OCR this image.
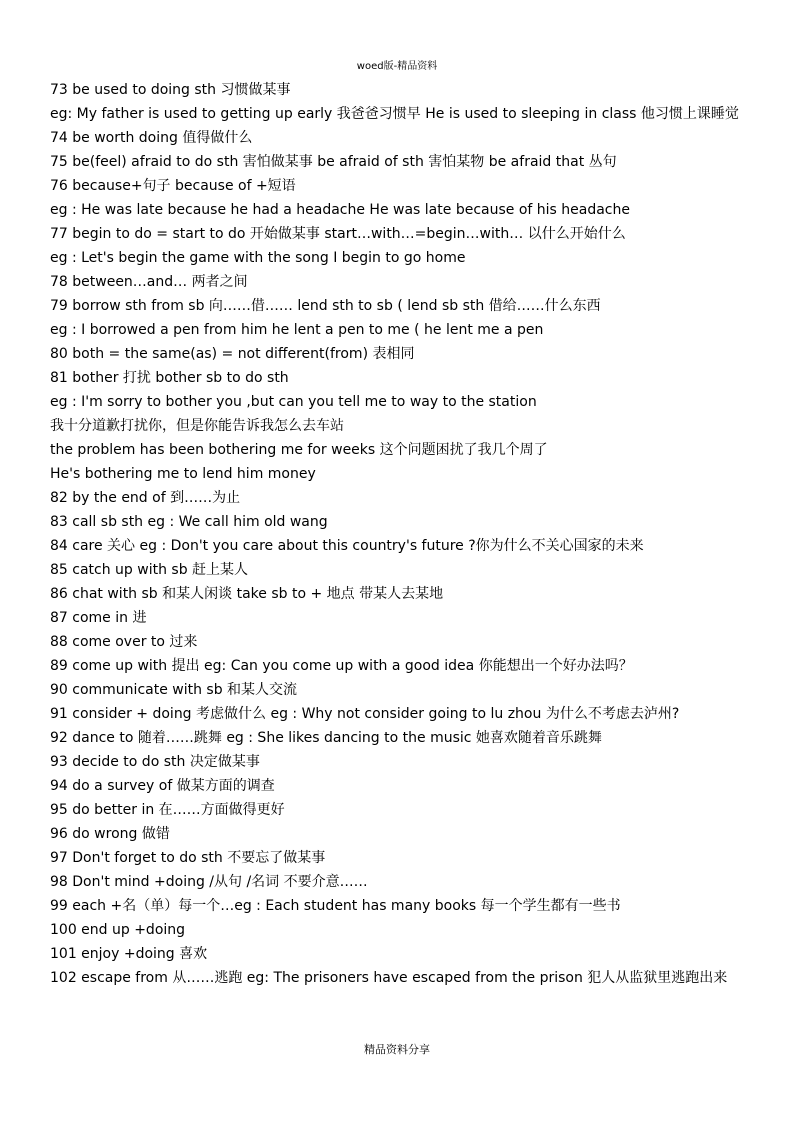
woed版-精品资料
73 be used to doing sth 习惯做某事
eg: My father is used to getting up early 我爸爸习惯早 He is used to sleeping in class 他习惯上课睡觉
74 be worth doing 值得做什么
75 be(feel) afraid to do sth 害怕做某事 be afraid of sth 害怕某物 be afraid that 丛句
76 because+句子 because of +短语
eg : He was late because he had a headache He was late because of his headache
77 begin to do = start to do 开始做某事 start…with…=begin…with… 以什么开始什么
eg : Let's begin the game with the song I begin to go home
78 between…and… 两者之间
79 borrow sth from sb 向……借…… lend sth to sb ( lend sb sth 借给……什么东西
eg : I borrowed a pen from him he lent a pen to me ( he lent me a pen
80 both = the same(as) = not different(from) 表相同
81 bother 打扰 bother sb to do sth
eg : I'm sorry to bother you ,but can you tell me to way to the station
我十分道歉打扰你，但是你能告诉我怎么去车站
the problem has been bothering me for weeks 这个问题困扰了我几个周了
He's bothering me to lend him money
82 by the end of 到……为止
83 call sb sth eg : We call him old wang
84 care 关心 eg : Don't you care about this country's future ?你为什么不关心国家的未来
85 catch up with sb 赶上某人
86 chat with sb 和某人闲谈 take sb to + 地点 带某人去某地
87 come in 进
88 come over to 过来
89 come up with 提出 eg: Can you come up with a good idea 你能想出一个好办法吗？
90 communicate with sb 和某人交流
91 consider + doing 考虑做什么 eg : Why not consider going to lu zhou 为什么不考虑去泸州?
92 dance to 随着……跳舞 eg : She likes dancing to the music 她喜欢随着音乐跳舞
93 decide to do sth 决定做某事
94 do a survey of 做某方面的调查
95 do better in 在……方面做得更好
96 do wrong 做错
97 Don't forget to do sth 不要忘了做某事
98 Don't mind +doing /从句 /名词 不要介意……
99 each +名（单）每一个…eg : Each student has many books 每一个学生都有一些书
100 end up +doing
101 enjoy +doing 喜欢
102 escape from 从……逃跑 eg: The prisoners have escaped from the prison 犯人从监狱里逃跑出来
精品资料分享
